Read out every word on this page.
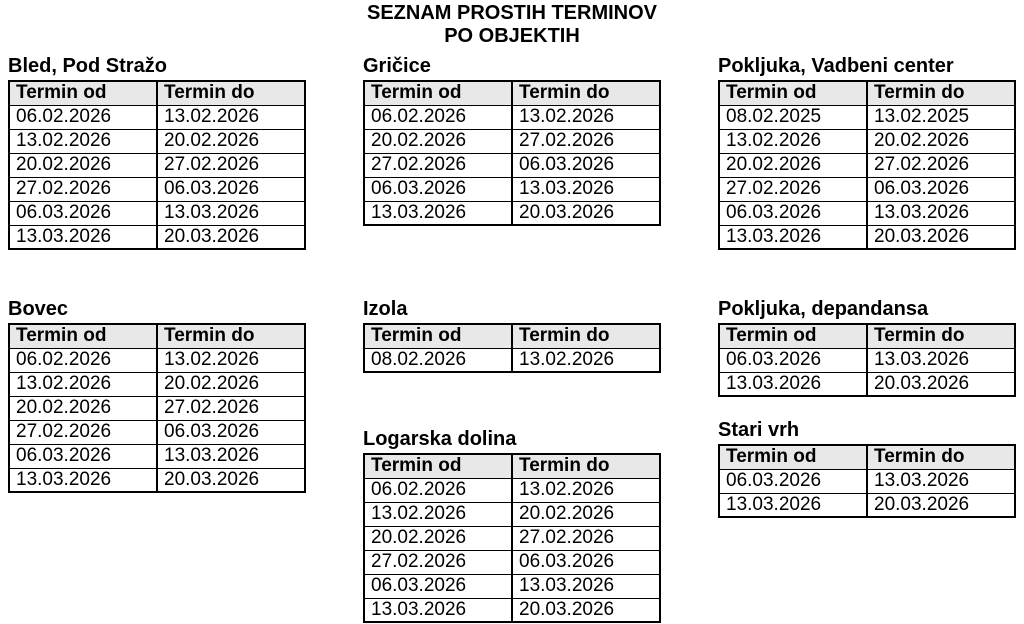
SEZNAM PROSTIH TERMINOV
PO OBJEKTIH
Bled, Pod Stražo
Termin od	Termin do
06.02.2026	13.02.2026
13.02.2026	20.02.2026
20.02.2026	27.02.2026
27.02.2026	06.03.2026
06.03.2026	13.03.2026
13.03.2026	20.03.2026
Gričice
Termin od	Termin do
06.02.2026	13.02.2026
20.02.2026	27.02.2026
27.02.2026	06.03.2026
06.03.2026	13.03.2026
13.03.2026	20.03.2026
Pokljuka, Vadbeni center
Termin od	Termin do
08.02.2025	13.02.2025
13.02.2026	20.02.2026
20.02.2026	27.02.2026
27.02.2026	06.03.2026
06.03.2026	13.03.2026
13.03.2026	20.03.2026
Bovec
Termin od	Termin do
06.02.2026	13.02.2026
13.02.2026	20.02.2026
20.02.2026	27.02.2026
27.02.2026	06.03.2026
06.03.2026	13.03.2026
13.03.2026	20.03.2026
Izola
Termin od	Termin do
08.02.2026	13.02.2026
Pokljuka, depandansa
Termin od	Termin do
06.03.2026	13.03.2026
13.03.2026	20.03.2026
Logarska dolina
Termin od	Termin do
06.02.2026	13.02.2026
13.02.2026	20.02.2026
20.02.2026	27.02.2026
27.02.2026	06.03.2026
06.03.2026	13.03.2026
13.03.2026	20.03.2026
Stari vrh
Termin od	Termin do
06.03.2026	13.03.2026
13.03.2026	20.03.2026
